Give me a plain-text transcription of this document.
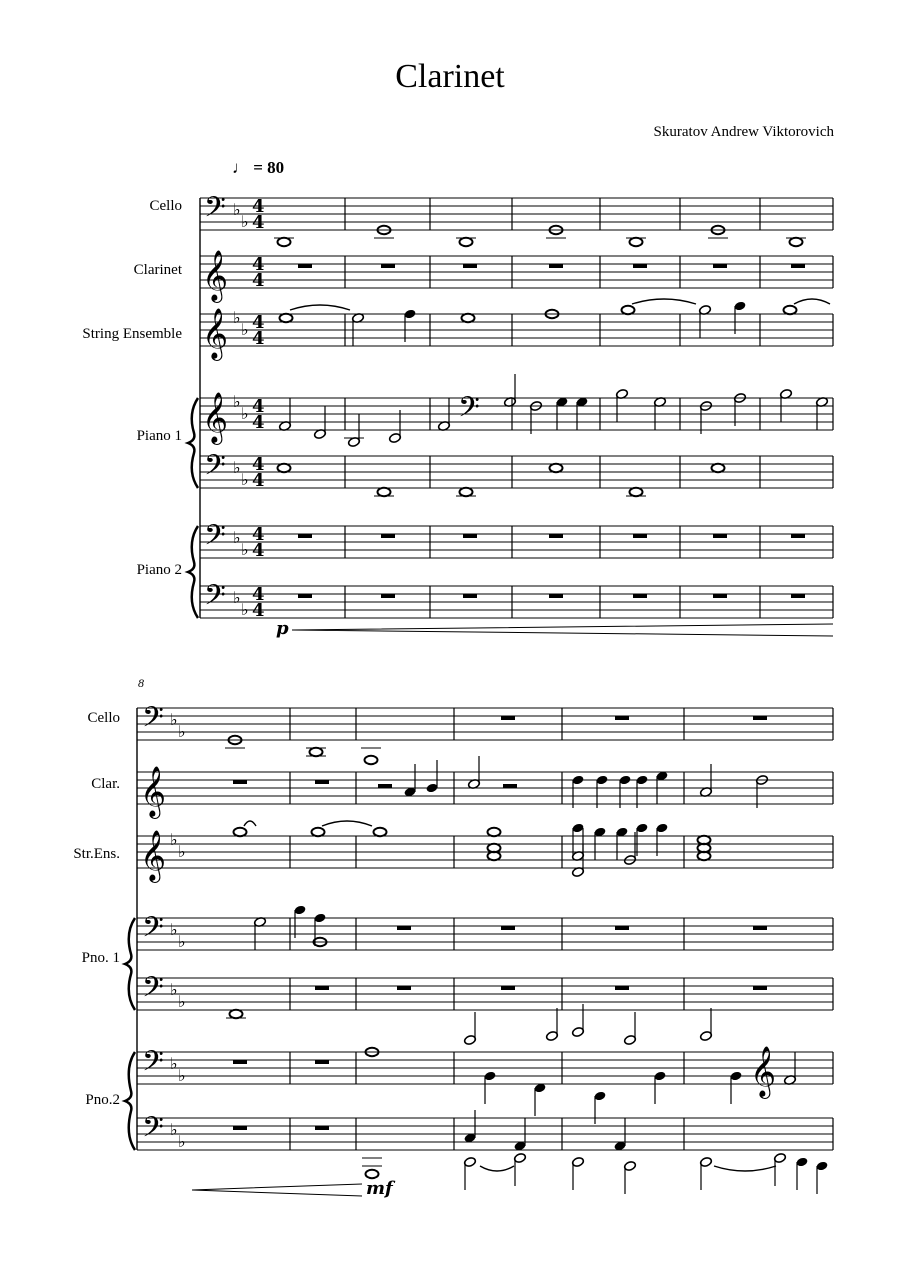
Clarinet
Skuratov Andrew Viktorovich
♩ = 80
Cello
Clarinet
String Ensemble
Piano 1
Piano 2
8
Cello
Clar.
Str.Ens.
Pno. 1
Pno.2
p
mf
𝄢 ♭
♭
4
4
𝄞 4
4
𝄞 ♭
♭ 4
4
𝄞 ♭
♭ 4
4
𝄢 ♭
♭
4
4
𝄢 ♭
♭
4
4
𝄢 ♭
♭
4
4
𝄢
𝄢 ♭
♭
𝄞
𝄞 ♭
♭
𝄢 ♭
♭
𝄢 ♭
♭
𝄢 ♭
♭
𝄢 ♭
♭
𝄞
